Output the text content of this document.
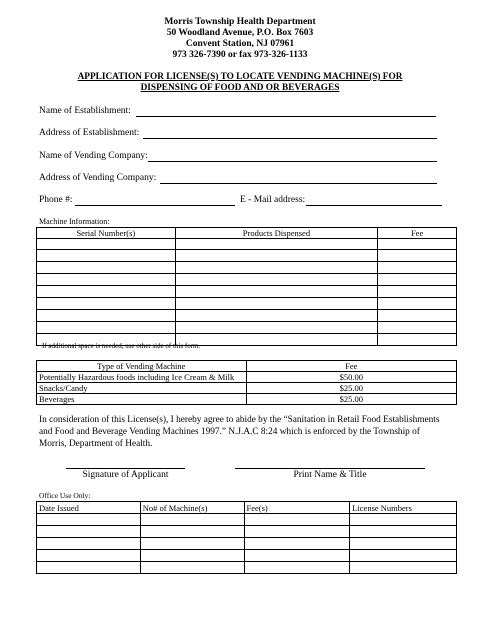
Morris Township Health Department
50 Woodland Avenue, P.O. Box 7603
Convent Station, NJ 07961
973 326-7390 or fax 973-326-1133
APPLICATION FOR LICENSE(S) TO LOCATE VENDING MACHINE(S) FOR
DISPENSING OF FOOD AND OR BEVERAGES
Name of Establishment:
Address of Establishment:
Name of Vending Company:
Address of Vending Company:
Phone #:	E - Mail address:
Machine Information:
Serial Number(s)	Products Dispensed	Fee

If additional space is needed, use other side of this form.
Type of Vending Machine	Fee
Potentially Hazardous foods including Ice Cream & Milk	$50.00
Snacks/Candy	$25.00
Beverages	$25.00
In consideration of this License(s), I hereby agree to abide by the “Sanitation in Retail Food Establishments and Food and Beverage Vending Machines 1997.” N.J.A.C 8:24 which is enforced by the Township of Morris, Department of Health.
Signature of Applicant	Print Name & Title
Office Use Only:
Date Issued	No# of Machine(s)	Fee(s)	License Numbers
